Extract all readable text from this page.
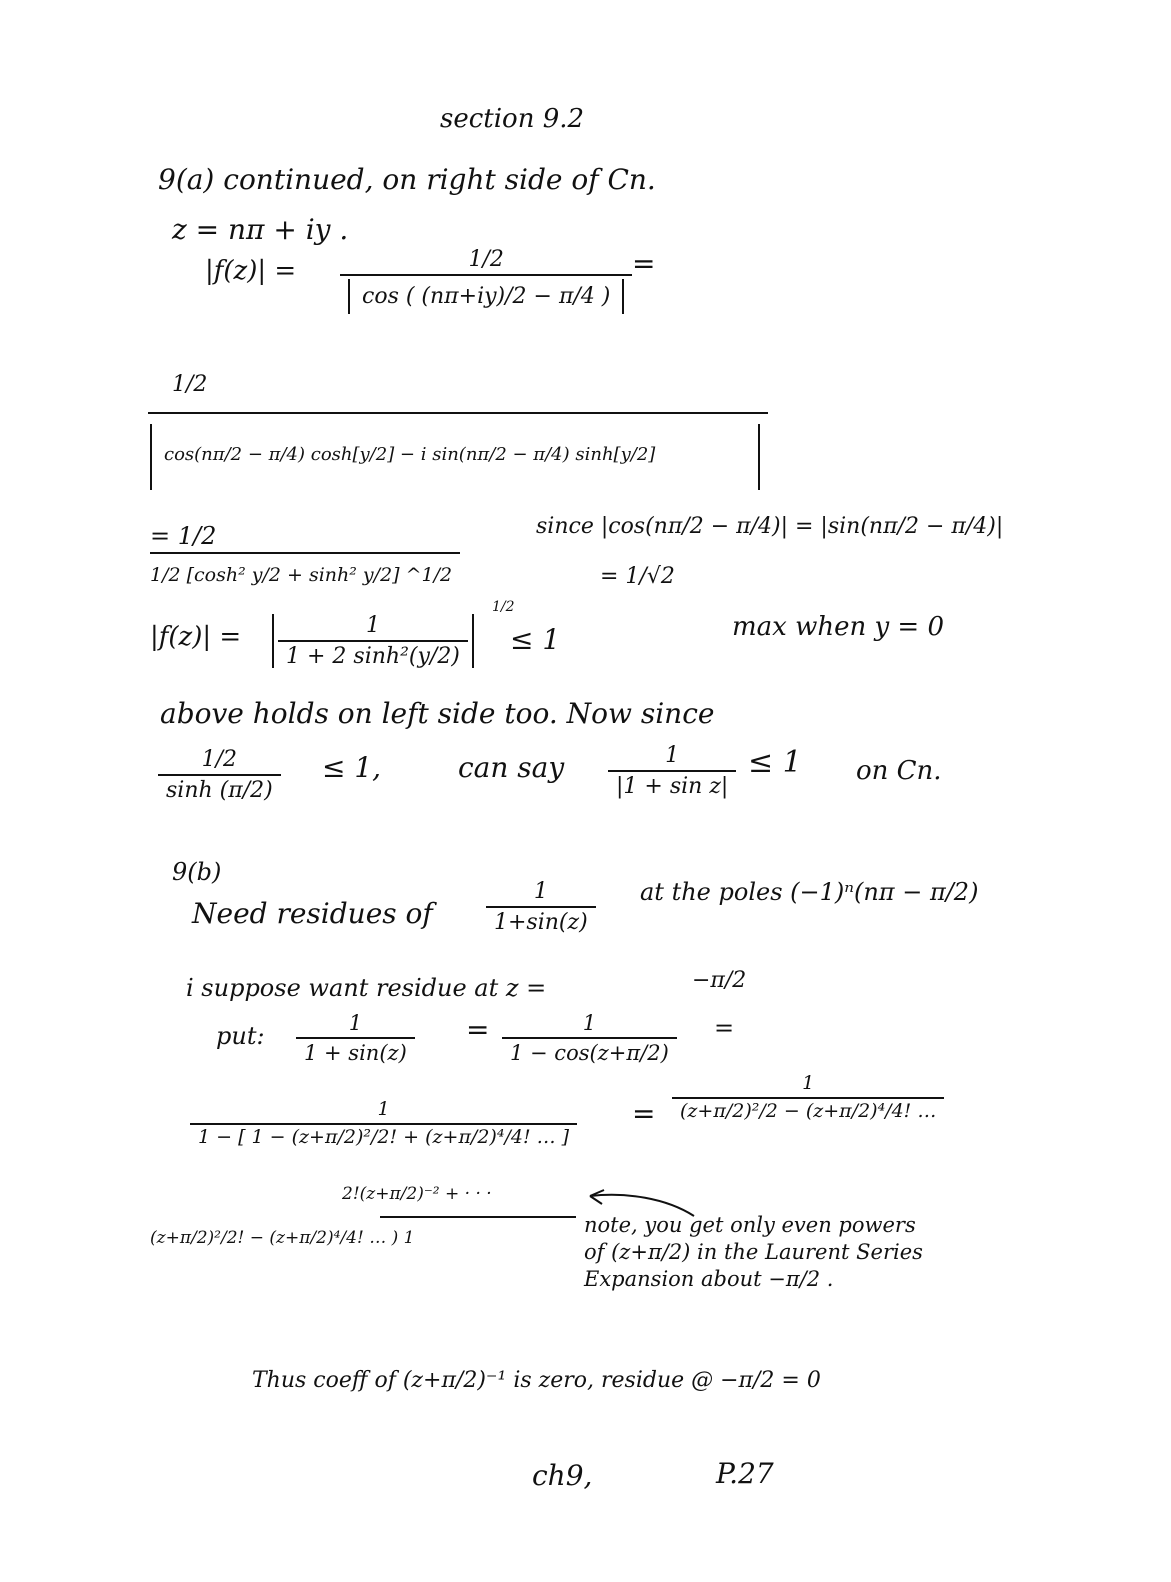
section 9.2
9(a) continued, on right side of Cn.
z = nπ + iy .
|f(z)| =	1/2
cos ( (nπ+iy)/2 − π/4 )
=
1/2
cos(nπ/2 − π/4) cosh[y/2] − i sin(nπ/2 − π/4) sinh[y/2]
= 1/2
1/2 [cosh² y/2 + sinh² y/2] ^1/2
since |cos(nπ/2 − π/4)| = |sin(nπ/2 − π/4)|
= 1/√2
|f(z)| =	1
1 + 2 sinh²(y/2)
1/2
≤ 1	max when y = 0
above holds on left side too. Now since
1/2
sinh (π/2)
≤ 1,	can say	1
|1 + sin z|
≤ 1 on Cn.
9(b)
Need residues of
1
1+sin(z)
at the poles (−1)ⁿ(nπ − π/2)
i suppose want residue at z =	−π/2
put:	1
1 + sin(z)
=	1
1 − cos(z+π/2)
=
1
1 − [ 1 − (z+π/2)²/2! + (z+π/2)⁴/4! … ]
=
1
(z+π/2)²/2 − (z+π/2)⁴/4! …
2!(z+π/2)⁻² + · · ·
(z+π/2)²/2! − (z+π/2)⁴/4! … ) 1
note, you get only even powers of (z+π/2) in the Laurent Series Expansion about −π/2 .
Thus coeff of (z+π/2)⁻¹ is zero, residue @ −π/2 = 0
ch9,	P.27
